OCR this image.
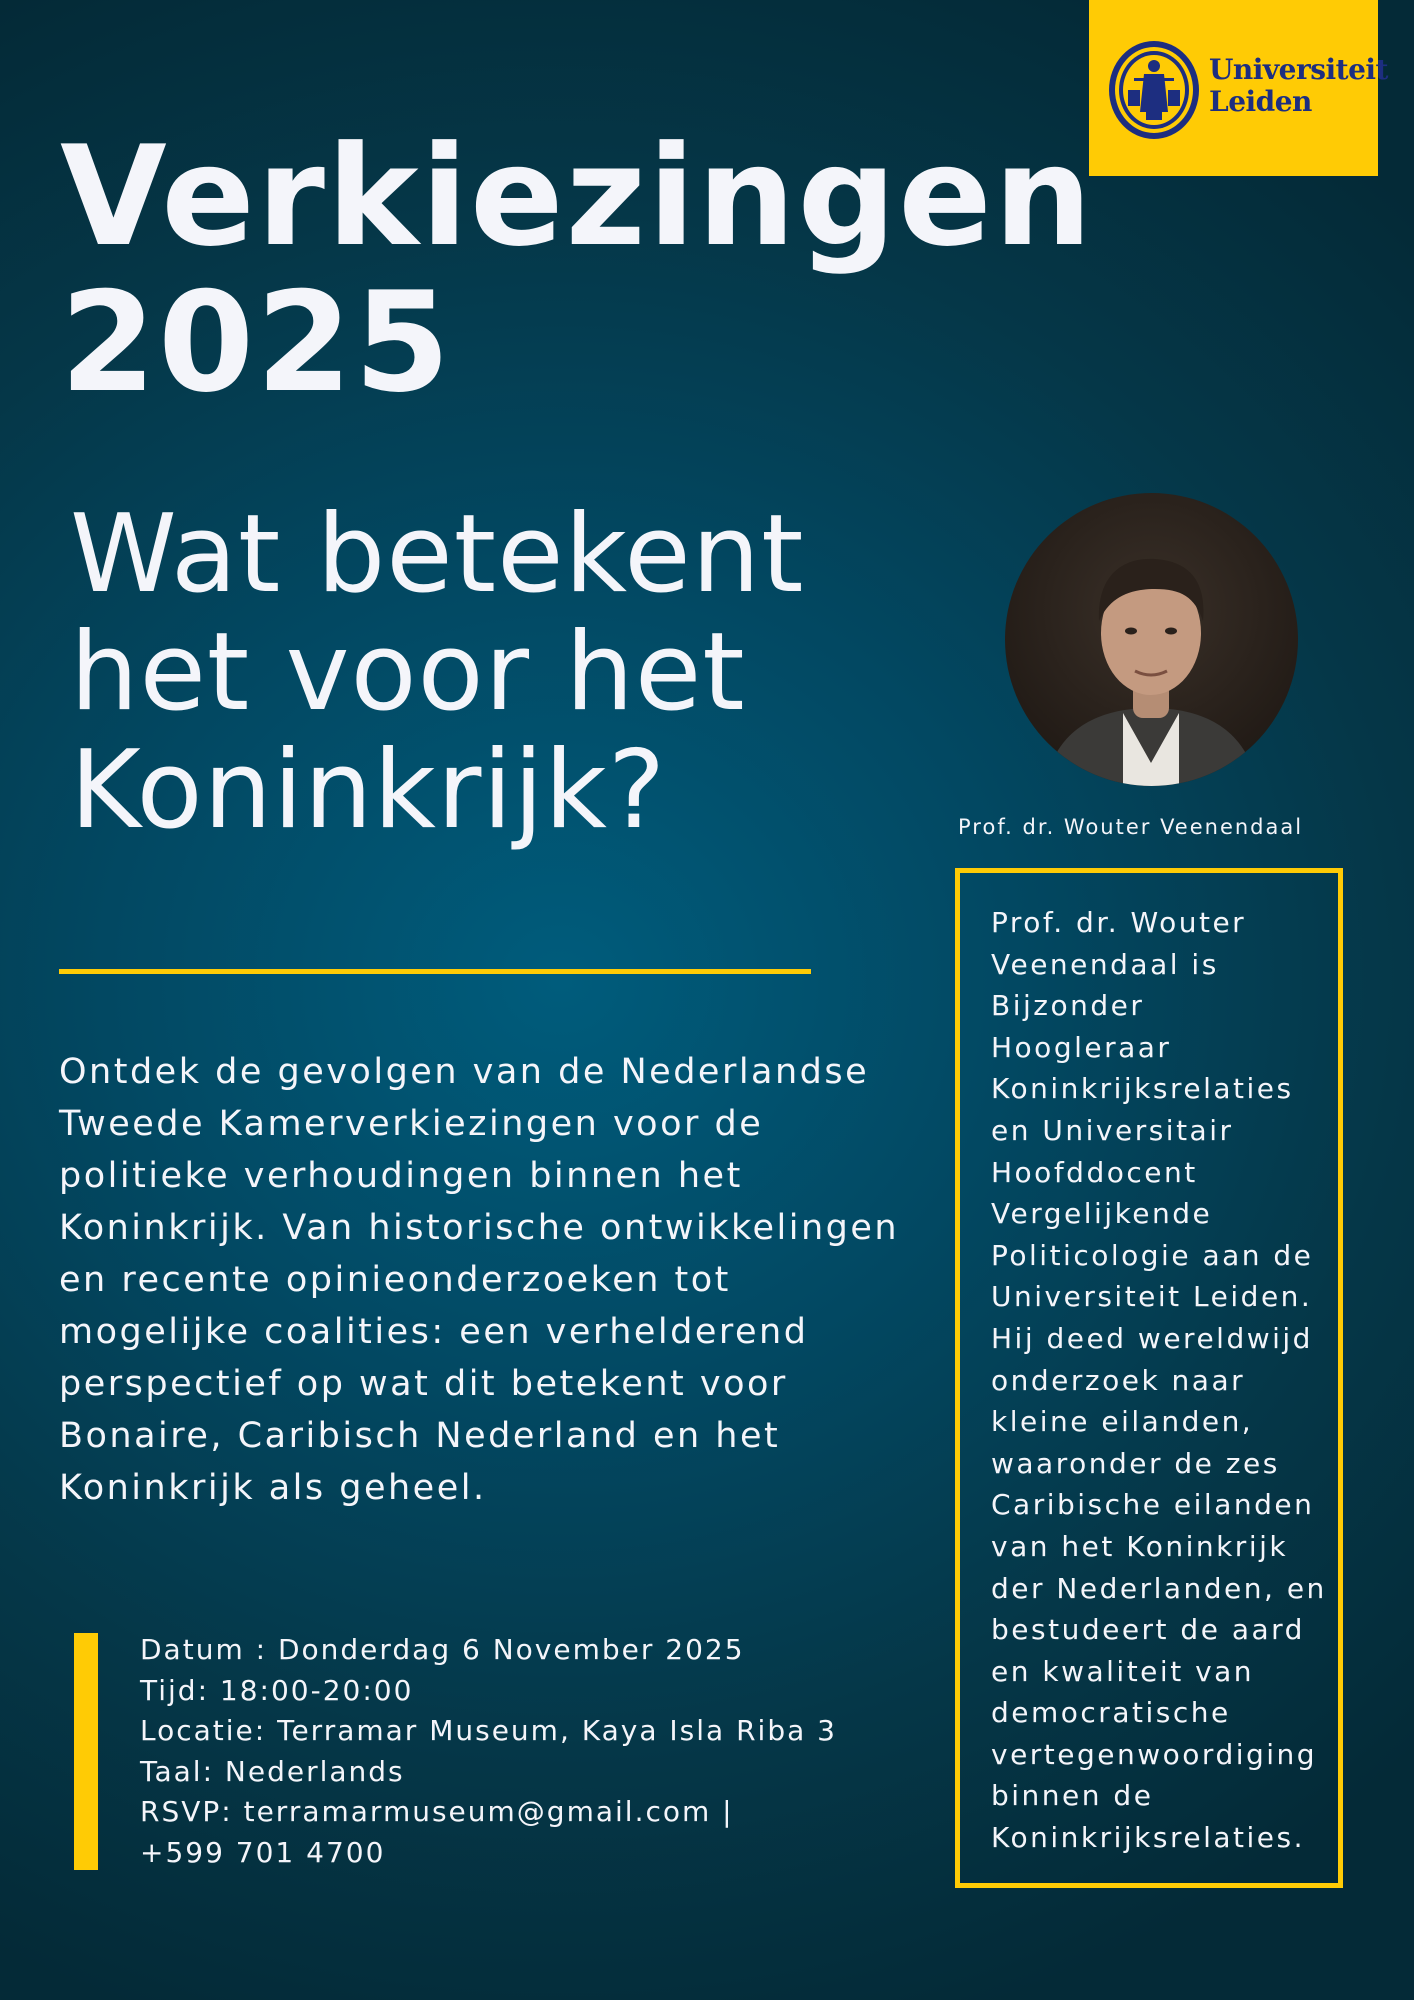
Universiteit
Leiden
Verkiezingen
2025
Wat betekent
het voor het
Koninkrijk?	Prof. dr. Wouter Veenendaal

Ontdek de gevolgen van de Nederlandse Tweede Kamerverkiezingen voor de politieke verhoudingen binnen het Koninkrijk. Van historische ontwikkelingen en recente opinieonderzoeken tot mogelijke coalities: een verhelderend perspectief op wat dit betekent voor Bonaire, Caribisch Nederland en het Koninkrijk als geheel.

Datum : Donderdag 6 November 2025
Tijd: 18:00-20:00
Locatie: Terramar Museum, Kaya Isla Riba 3
Taal: Nederlands
RSVP: terramarmuseum@gmail.com |
+599 701 4700

Prof. dr. Wouter Veenendaal is Bijzonder Hoogleraar Koninkrijksrelaties en Universitair Hoofddocent Vergelijkende Politicologie aan de Universiteit Leiden. Hij deed wereldwijd onderzoek naar kleine eilanden, waaronder de zes Caribische eilanden van het Koninkrijk der Nederlanden, en bestudeert de aard en kwaliteit van democratische vertegenwoordiging binnen de Koninkrijksrelaties.
